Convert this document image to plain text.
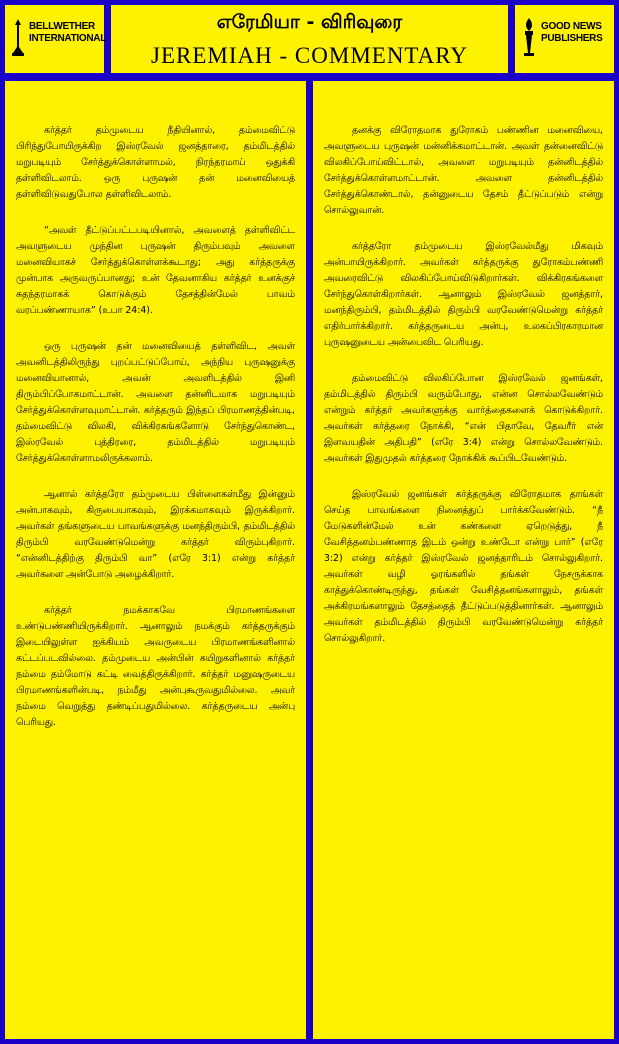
BELLWETHER
INTERNATIONAL
எரேமியா - விரிவுரை
JEREMIAH - COMMENTARY
GOOD NEWS
PUBLISHERS

கர்த்தர் தம்முடைய நீதியினால், தம்மைவிட்டு பிரிந்துபோயிருக்கிற இஸ்ரவேல் ஜனத்தாரை, தம்மிடத்தில் மறுபடியும் சேர்த்துக்கொள்ளாமல், நிரந்தரமாய் ஒதுக்கி தள்ளிவிடலாம். ஒரு புருஷன் தன் மனைவியைத் தள்ளிவிடுவதுபோல தள்ளிவிடலாம்.

“அவள் தீட்டுப்பட்டபடியினால், அவளைத் தள்ளிவிட்ட அவளுடைய முந்தின புருஷன் திரும்பவும் அவளை மனைவியாகச் சேர்த்துக்கொள்ளக்கூடாது; அது கர்த்தருக்கு முன்பாக அருவருப்பானது; உன் தேவனாகிய கர்த்தர் உனக்குச் சுதந்தரமாகக் கொடுக்கும் தேசத்தின்மேல் பாவம் வரப்பண்ணாயாக” (உபா 24:4).

ஒரு புருஷன் தன் மனைவியைத் தள்ளிவிட, அவள் அவனிடத்திலிருந்து புறப்பட்டுப்போய், அந்நிய புருஷனுக்கு மனைவியானால், அவன் அவளிடத்தில் இனி திரும்பிப்போகமாட்டான். அவளை தன்னிடமாக மறுபடியும் சேர்த்துக்கொள்ளவுமாட்டான். கர்த்தரும் இந்தப் பிரமாணத்தின்படி, தம்மைவிட்டு விலகி, விக்கிரகங்களோடு சேர்ந்துகொண்ட, இஸ்ரவேல் புத்திரரை, தம்மிடத்தில் மறுபடியும் சேர்த்துக்கொள்ளாமலிருக்கலாம்.

ஆனால் கர்த்தரோ தம்முடைய பிள்ளைகள்மீது இன்னும் அன்பாகவும், கிருபையாகவும், இரக்கமாகவும் இருக்கிறார். அவர்கள் தங்களுடைய பாவங்களுக்கு மனந்திரும்பி, தம்மிடத்தில் திரும்பி வரவேண்டுமென்று கர்த்தர் விரும்புகிறார். “என்னிடத்திற்கு திரும்பி வா” (எரே 3:1) என்று கர்த்தர் அவர்களை அன்போடு அழைக்கிறார்.

கர்த்தர் நமக்காகவே பிரமாணங்களை உண்டுபண்ணியிருக்கிறார். ஆனாலும் நமக்கும் கர்த்தருக்கும் இடையிலுள்ள ஐக்கியம் அவருடைய பிரமாணங்களினால் கட்டப்படவில்லை. தம்முடைய அன்பின் கயிறுகளினால் கர்த்தர் நம்மை தம்மோடு கட்டி வைத்திருக்கிறார். கர்த்தர் மனுஷருடைய பிரமாணங்களின்படி, நம்மீது அன்புகூருவதுமில்லை. அவர் நம்மை வெறுத்து தண்டிப்பதுமில்லை. கர்த்தருடைய அன்பு பெரியது.

தனக்கு விரோதமாக துரோகம் பண்ணின மனைவியை, அவளுடைய புருஷன் மன்னிக்கமாட்டான். அவள் தன்னைவிட்டு விலகிப்போய்விட்டால், அவளை மறுபடியும் தன்னிடத்தில் சேர்த்துக்கொள்ளமாட்டான். அவளை தன்னிடத்தில் சேர்த்துக்கொண்டால், தன்னுடைய தேசம் தீட்டுப்படும் என்று சொல்லுவான்.

கர்த்தரோ தம்முடைய இஸ்ரவேல்மீது மிகவும் அன்பாயிருக்கிறார். அவர்கள் கர்த்தருக்கு துரோகம்பண்ணி அவரைவிட்டு விலகிப்போய்விடுகிறார்கள். விக்கிரகங்களை சேர்ந்துகொள்கிறார்கள். ஆனாலும் இஸ்ரவேல் ஜனத்தார், மனந்திரும்பி, தம்மிடத்தில் திரும்பி வரவேண்டுமென்று கர்த்தர் எதிர்பார்க்கிறார். கர்த்தருடைய அன்பு, உலகப்பிரகாரமான புருஷனுடைய அன்பைவிட பெரியது.

தம்மைவிட்டு விலகிப்போன இஸ்ரவேல் ஜனங்கள், தம்மிடத்தில் திரும்பி வரும்போது, என்ன சொல்லவேண்டும் என்றும் கர்த்தர் அவர்களுக்கு வார்த்தைகளைக் கொடுக்கிறார். அவர்கள் கர்த்தரை நோக்கி, “என் பிதாவே, தேவரீர் என் இளவயதின் அதிபதி” (எரே 3:4) என்று சொல்லவேண்டும். அவர்கள் இதுமுதல் கர்த்தரை நோக்கிக் கூப்பிடவேண்டும்.

இஸ்ரவேல் ஜனங்கள் கர்த்தருக்கு விரோதமாக தாங்கள் செய்த பாவங்களை நினைத்துப் பார்க்கவேண்டும். “நீ மேடுகளின்மேல் உன் கண்களை ஏறெடுத்து, நீ வேசித்தனம்பண்ணாத இடம் ஒன்று உண்டோ என்று பார்” (எரே 3:2) என்று கர்த்தர் இஸ்ரவேல் ஜனத்தாரிடம் சொல்லுகிறார். அவர்கள் வழி ஓரங்களில் தங்கள் நேசருக்காக காத்துக்கொண்டிருந்து, தங்கள் வேசித்தனங்களாலும், தங்கள் அக்கிரமங்களாலும் தேசத்தைத் தீட்டுப்படுத்தினார்கள். ஆனாலும் அவர்கள் தம்மிடத்தில் திரும்பி வரவேண்டுமென்று கர்த்தர் சொல்லுகிறார்.
